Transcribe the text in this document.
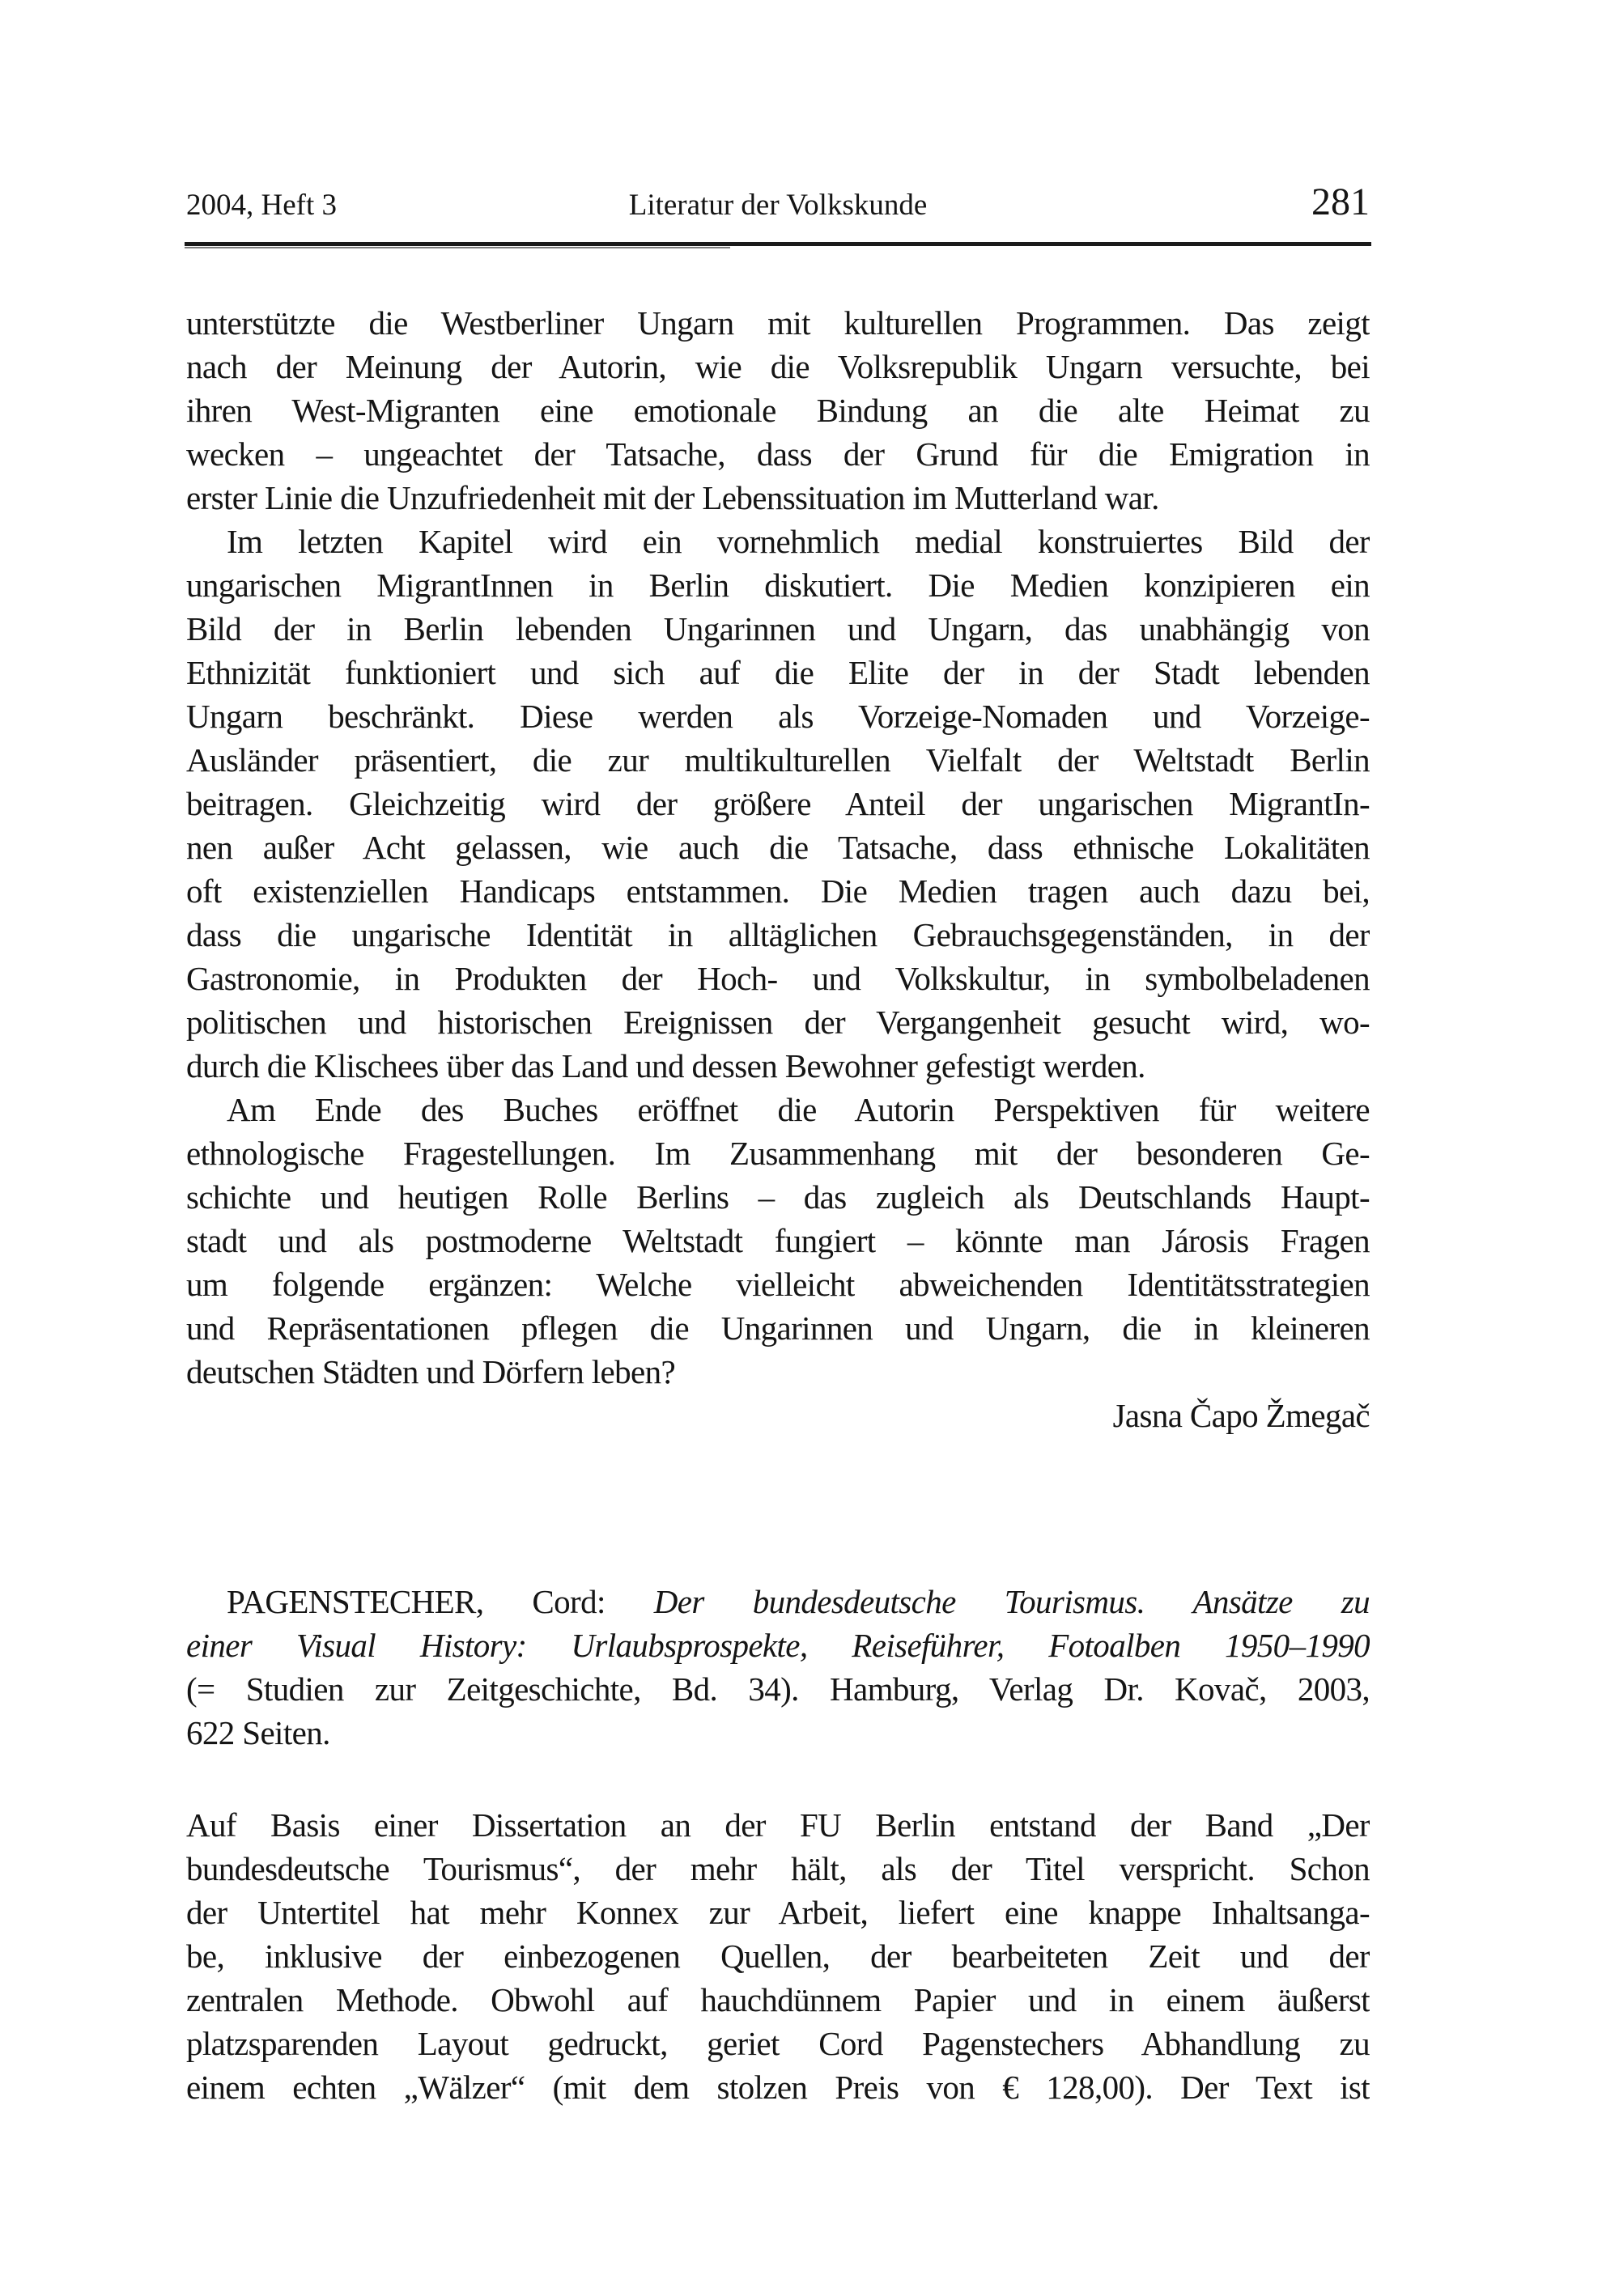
2004, Heft 3	Literatur der Volkskunde	281
unterstützte die Westberliner Ungarn mit kulturellen Programmen. Das zeigt
nach der Meinung der Autorin, wie die Volksrepublik Ungarn versuchte, bei
ihren West-Migranten eine emotionale Bindung an die alte Heimat zu
wecken – ungeachtet der Tatsache, dass der Grund für die Emigration in
erster Linie die Unzufriedenheit mit der Lebenssituation im Mutterland war.
Im letzten Kapitel wird ein vornehmlich medial konstruiertes Bild der
ungarischen MigrantInnen in Berlin diskutiert. Die Medien konzipieren ein
Bild der in Berlin lebenden Ungarinnen und Ungarn, das unabhängig von
Ethnizität funktioniert und sich auf die Elite der in der Stadt lebenden
Ungarn beschränkt. Diese werden als Vorzeige-Nomaden und Vorzeige-
Ausländer präsentiert, die zur multikulturellen Vielfalt der Weltstadt Berlin
beitragen. Gleichzeitig wird der größere Anteil der ungarischen MigrantIn-
nen außer Acht gelassen, wie auch die Tatsache, dass ethnische Lokalitäten
oft existenziellen Handicaps entstammen. Die Medien tragen auch dazu bei,
dass die ungarische Identität in alltäglichen Gebrauchsgegenständen, in der
Gastronomie, in Produkten der Hoch- und Volkskultur, in symbolbeladenen
politischen und historischen Ereignissen der Vergangenheit gesucht wird, wo-
durch die Klischees über das Land und dessen Bewohner gefestigt werden.
Am Ende des Buches eröffnet die Autorin Perspektiven für weitere
ethnologische Fragestellungen. Im Zusammenhang mit der besonderen Ge-
schichte und heutigen Rolle Berlins – das zugleich als Deutschlands Haupt-
stadt und als postmoderne Weltstadt fungiert – könnte man Járosis Fragen
um folgende ergänzen: Welche vielleicht abweichenden Identitätsstrategien
und Repräsentationen pflegen die Ungarinnen und Ungarn, die in kleineren
deutschen Städten und Dörfern leben?
Jasna Čapo Žmegač
PAGENSTECHER, Cord: Der bundesdeutsche Tourismus. Ansätze zu
einer Visual History: Urlaubsprospekte, Reiseführer, Fotoalben 1950–1990
(= Studien zur Zeitgeschichte, Bd. 34). Hamburg, Verlag Dr. Kovač, 2003,
622 Seiten.
Auf Basis einer Dissertation an der FU Berlin entstand der Band „Der
bundesdeutsche Tourismus“, der mehr hält, als der Titel verspricht. Schon
der Untertitel hat mehr Konnex zur Arbeit, liefert eine knappe Inhaltsanga-
be, inklusive der einbezogenen Quellen, der bearbeiteten Zeit und der
zentralen Methode. Obwohl auf hauchdünnem Papier und in einem äußerst
platzsparenden Layout gedruckt, geriet Cord Pagenstechers Abhandlung zu
einem echten „Wälzer“ (mit dem stolzen Preis von € 128,00). Der Text ist
